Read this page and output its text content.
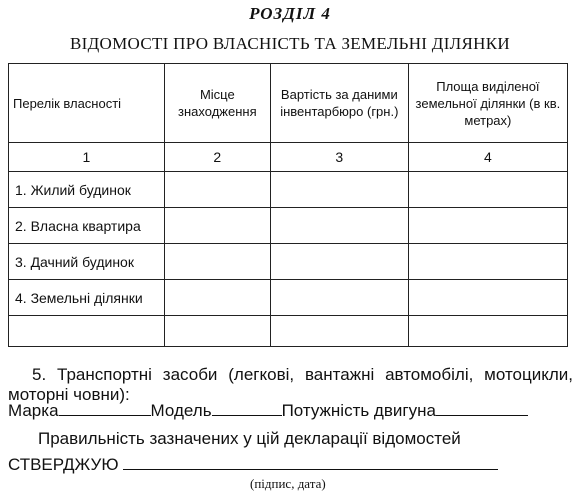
РОЗДІЛ 4
ВІДОМОСТІ ПРО ВЛАСНІСТЬ ТА ЗЕМЕЛЬНІ ДІЛЯНКИ
Перелік власності	Місце знаходження	Вартість за даними інвентарбюро (грн.)	Площа виділеної земельної ділянки (в кв. метрах)
1	2	3	4
1. Жилий будинок			
2. Власна квартира			
3. Дачний будинок			
4. Земельні ділянки			

5. Транспортні засоби (легкові, вантажні автомобілі, мотоцикли, моторні човни):
Марка	Модель	Потужність двигуна
Правильність зазначених у цій декларації відомостей
СТВЕРДЖУЮ
(підпис, дата)
